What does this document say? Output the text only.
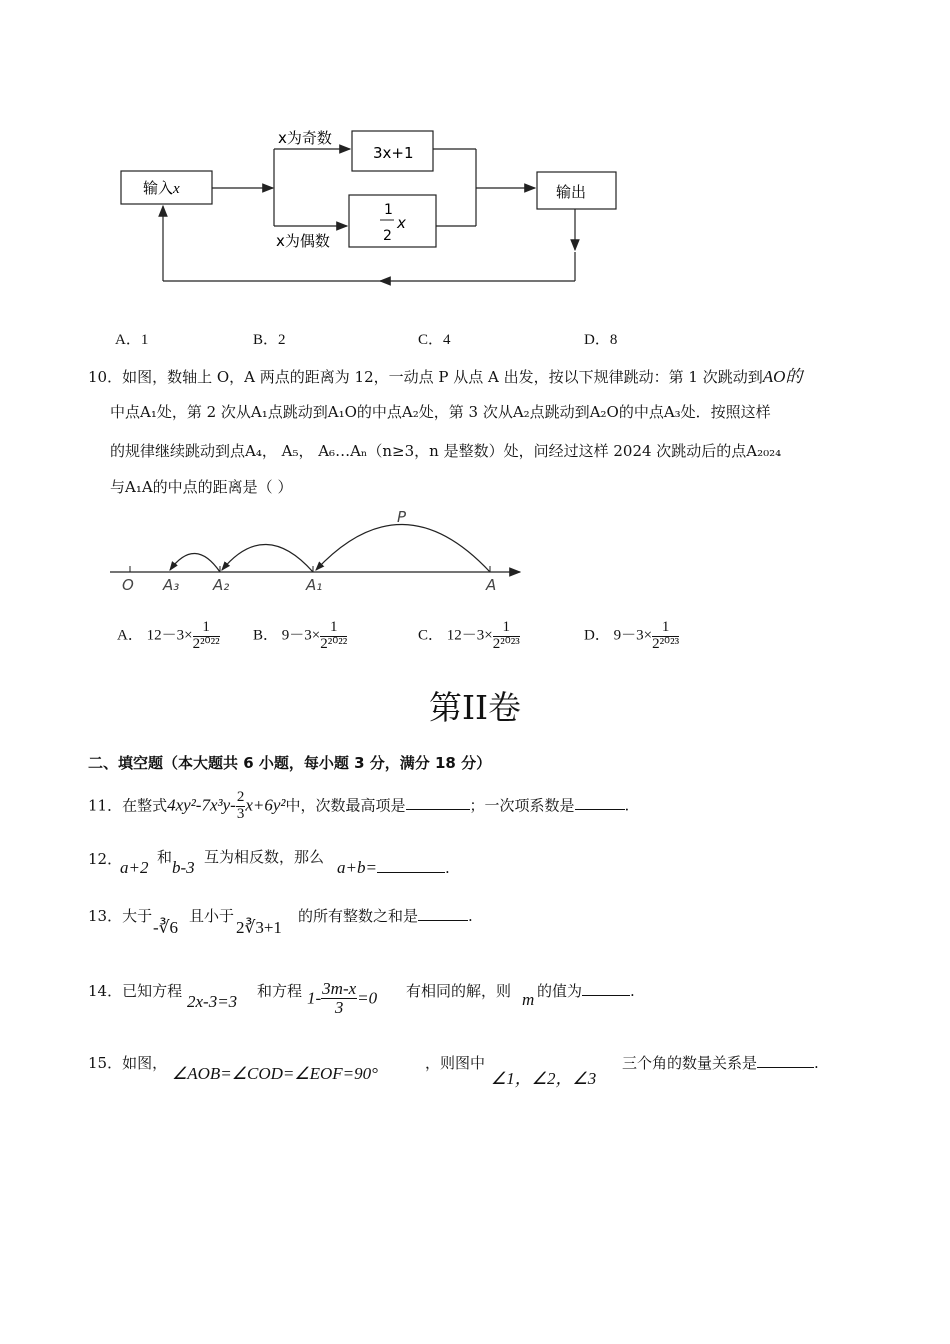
输入x
x为奇数
x为偶数
3x+1
1
2
x
输出
A．1	B．2	C．4	D．8
10．如图，数轴上 O，A 两点的距离为 12，一动点 P 从点 A 出发，按以下规律跳动：第 1 次跳动到AO的
中点A₁处，第 2 次从A₁点跳动到A₁O的中点A₂处，第 3 次从A₂点跳动到A₂O的中点A₃处．按照这样
的规律继续跳动到点A₄， A₅， A₆…Aₙ（n≥3，n 是整数）处，问经过这样 2024 次跳动后的点A₂₀₂₄
与A₁A的中点的距离是（ ）
O A₃ A₂	A₁	A
P
A． $12-3\times \frac{1}{\text{2²⁰²²}}$ B． $9-3\times \frac{1}{\text{2²⁰²²}}$	C． $12-3\times \frac{1}{\text{2²⁰²³}}$	D． $9-3\times \frac{1}{\text{2²⁰²³}}$
第II卷
二、填空题（本大题共 6 小题，每小题 3 分，满分 18 分）
11．在整式$4xy^2-7x^3y- \frac{2}{3} x+6y^2$中，次数最高项是	；一次项系数是	.
12．
a+2
和
b-3
互为相反数，那么
a+b=	.
13．大于
-∛6
且小于
2∛3+1
的所有整数之和是	.
14．已知方程
2x-3=3
和方程 $1- \frac{3m-x}{3} =0$ 有相同的解，则 m 的值为	.
15．如图，
∠AOB=∠COD=∠EOF=90°
，则图中
∠1，∠2，∠3
三个角的数量关系是	.
